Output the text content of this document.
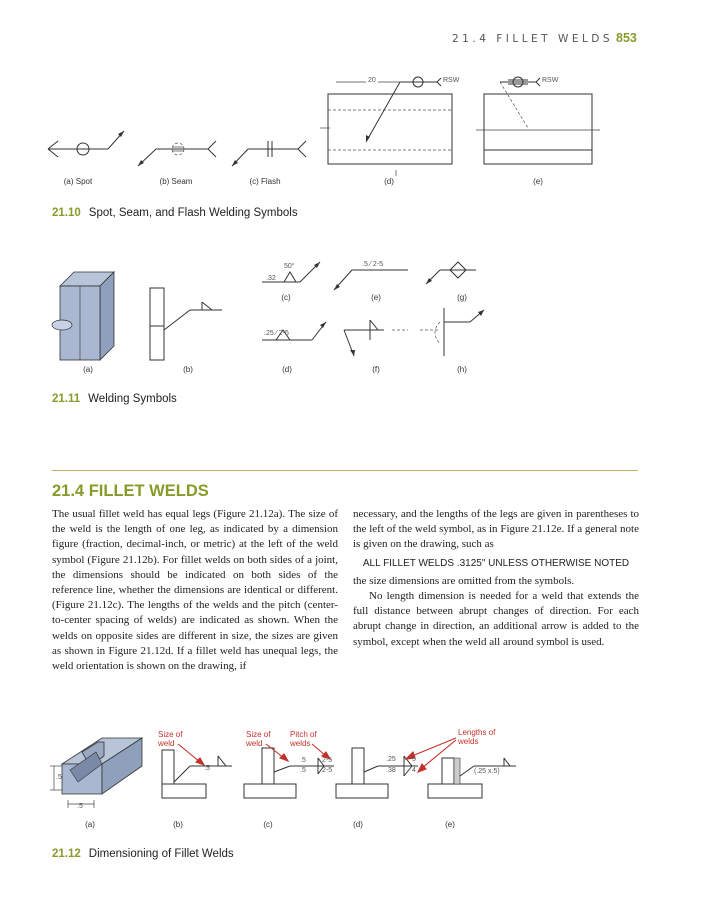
21.4 FILLET WELDS 853
20	RSW	RSW
(a) Spot	(b) Seam	(c) Flash	(d)	(e)
21.10 Spot, Seam, and Flash Welding Symbols
50°
.32
.5 ⁄ 2-5
.25 ⁄ 2-5
(a)	(b)
(c)
(d)
(e)
(f)
(g)
(h)
21.11 Welding Symbols
21.4 FILLET WELDS

The usual fillet weld has equal legs (Figure 21.12a). The size of the weld is the length of one leg, as indicated by a dimension figure (fraction, decimal-inch, or metric) at the left of the weld symbol (Figure 21.12b). For fillet welds on both sides of a joint, the dimensions should be indicated on both sides of the reference line, whether the dimensions are identical or different. (Figure 21.12c). The lengths of the welds and the pitch (center-to-center spacing of welds) are indicated as shown. When the welds on opposite sides are different in size, the sizes are given as shown in Figure 21.12d. If a fillet weld has unequal legs, the weld orientation is shown on the drawing, if

necessary, and the lengths of the legs are given in parentheses to the left of the weld symbol, as in Figure 21.12e. If a general note is given on the drawing, such as

ALL FILLET WELDS .3125" UNLESS OTHERWISE NOTED

the size dimensions are omitted from the symbols.

No length dimension is needed for a weld that extends the full distance between abrupt changes of direction. For each abrupt change in direction, an additional arrow is added to the symbol, except when the weld all around symbol is used.

.5
.5
.5
.5 2-5
.5 2-5
.25
.38
5
4	(.25 x.5)
Size of weld
Size of weld
Pitch of welds
Lengths of welds
(a)	(b)	(c)	(d)	(e)
21.12 Dimensioning of Fillet Welds
